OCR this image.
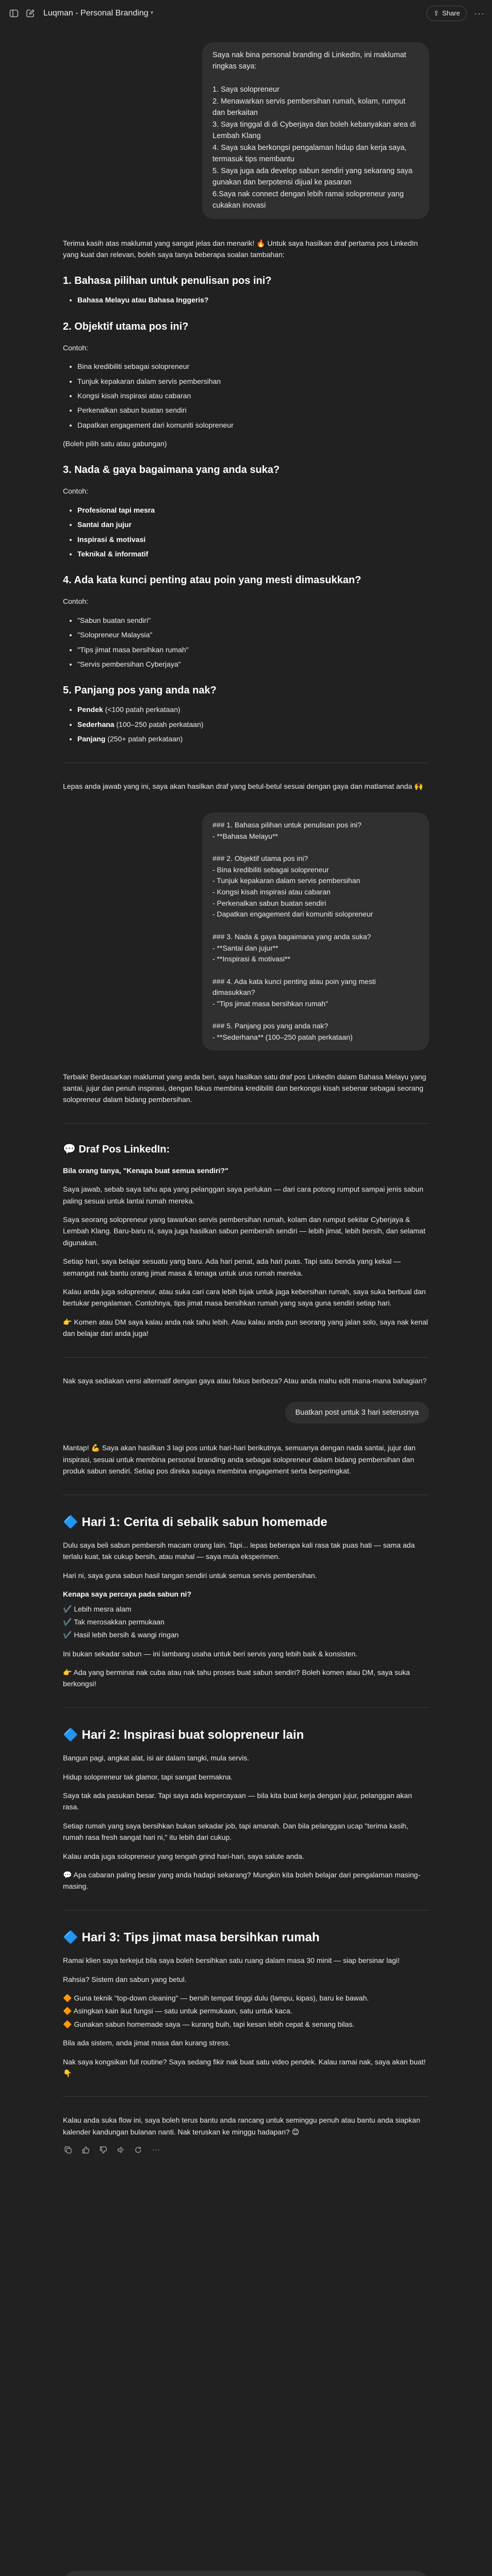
Luqman - Personal Branding ▾	⇪ Share ···
Saya nak bina personal branding di LinkedIn, ini maklumat ringkas saya:

1. Saya solopreneur
2. Menawarkan servis pembersihan rumah, kolam, rumput dan berkaitan
3. Saya tinggal di di Cyberjaya dan boleh kebanyakan area di Lembah Klang
4. Saya suka berkongsi pengalaman hidup dan kerja saya, termasuk tips membantu
5. Saya juga ada develop sabun sendiri yang sekarang saya gunakan dan berpotensi dijual ke pasaran
6.Saya nak connect dengan lebih ramai solopreneur yang cukakan inovasi

Terima kasih atas maklumat yang sangat jelas dan menarik! 🔥 Untuk saya hasilkan draf pertama pos LinkedIn yang kuat dan relevan, boleh saya tanya beberapa soalan tambahan:

1. Bahasa pilihan untuk penulisan pos ini?
• Bahasa Melayu atau Bahasa Inggeris?
2. Objektif utama pos ini?

Contoh:

• Bina kredibiliti sebagai solopreneur
• Tunjuk kepakaran dalam servis pembersihan
• Kongsi kisah inspirasi atau cabaran
• Perkenalkan sabun buatan sendiri
• Dapatkan engagement dari komuniti solopreneur

(Boleh pilih satu atau gabungan)

3. Nada & gaya bagaimana yang anda suka?

Contoh:

• Profesional tapi mesra
• Santai dan jujur
• Inspirasi & motivasi
• Teknikal & informatif
4. Ada kata kunci penting atau poin yang mesti dimasukkan?

Contoh:

• "Sabun buatan sendiri"
• "Solopreneur Malaysia"
• "Tips jimat masa bersihkan rumah"
• "Servis pembersihan Cyberjaya"
5. Panjang pos yang anda nak?
• Pendek (<100 patah perkataan)
• Sederhana (100–250 patah perkataan)
• Panjang (250+ patah perkataan)

Lepas anda jawab yang ini, saya akan hasilkan draf yang betul-betul sesuai dengan gaya dan matlamat anda 🙌

### 1. Bahasa pilihan untuk penulisan pos ini?
- **Bahasa Melayu**

### 2. Objektif utama pos ini?
- Bina kredibiliti sebagai solopreneur
- Tunjuk kepakaran dalam servis pembersihan
- Kongsi kisah inspirasi atau cabaran
- Perkenalkan sabun buatan sendiri
- Dapatkan engagement dari komuniti solopreneur

### 3. Nada & gaya bagaimana yang anda suka?
- **Santai dan jujur**
- **Inspirasi & motivasi**

### 4. Ada kata kunci penting atau poin yang mesti dimasukkan?
- "Tips jimat masa bersihkan rumah"

### 5. Panjang pos yang anda nak?
- **Sederhana** (100–250 patah perkataan)

Terbaik! Berdasarkan maklumat yang anda beri, saya hasilkan satu draf pos LinkedIn dalam Bahasa Melayu yang santai, jujur dan penuh inspirasi, dengan fokus membina kredibiliti dan berkongsi kisah sebenar sebagai seorang solopreneur dalam bidang pembersihan.

💬 Draf Pos LinkedIn:

Bila orang tanya, "Kenapa buat semua sendiri?"

Saya jawab, sebab saya tahu apa yang pelanggan saya perlukan — dari cara potong rumput sampai jenis sabun paling sesuai untuk lantai rumah mereka.

Saya seorang solopreneur yang tawarkan servis pembersihan rumah, kolam dan rumput sekitar Cyberjaya & Lembah Klang. Baru-baru ni, saya juga hasilkan sabun pembersih sendiri — lebih jimat, lebih bersih, dan selamat digunakan.

Setiap hari, saya belajar sesuatu yang baru. Ada hari penat, ada hari puas. Tapi satu benda yang kekal — semangat nak bantu orang jimat masa & tenaga untuk urus rumah mereka.

Kalau anda juga solopreneur, atau suka cari cara lebih bijak untuk jaga kebersihan rumah, saya suka berbual dan bertukar pengalaman. Contohnya, tips jimat masa bersihkan rumah yang saya guna sendiri setiap hari.

👉 Komen atau DM saya kalau anda nak tahu lebih. Atau kalau anda pun seorang yang jalan solo, saya nak kenal dan belajar dari anda juga!

Nak saya sediakan versi alternatif dengan gaya atau fokus berbeza? Atau anda mahu edit mana-mana bahagian?

Buatkan post untuk 3 hari seterusnya

Mantap! 💪 Saya akan hasilkan 3 lagi pos untuk hari-hari berikutnya, semuanya dengan nada santai, jujur dan inspirasi, sesuai untuk membina personal branding anda sebagai solopreneur dalam bidang pembersihan dan produk sabun sendiri. Setiap pos direka supaya membina engagement serta berperingkat.

🔷 Hari 1: Cerita di sebalik sabun homemade

Dulu saya beli sabun pembersih macam orang lain. Tapi... lepas beberapa kali rasa tak puas hati — sama ada terlalu kuat, tak cukup bersih, atau mahal — saya mula eksperimen.

Hari ni, saya guna sabun hasil tangan sendiri untuk semua servis pembersihan.

Kenapa saya percaya pada sabun ni?

✔️ Lebih mesra alam
✔️ Tak merosakkan permukaan
✔️ Hasil lebih bersih & wangi ringan

Ini bukan sekadar sabun — ini lambang usaha untuk beri servis yang lebih baik & konsisten.

👉 Ada yang berminat nak cuba atau nak tahu proses buat sabun sendiri? Boleh komen atau DM, saya suka berkongsi!

🔷 Hari 2: Inspirasi buat solopreneur lain

Bangun pagi, angkat alat, isi air dalam tangki, mula servis.

Hidup solopreneur tak glamor, tapi sangat bermakna.

Saya tak ada pasukan besar. Tapi saya ada kepercayaan — bila kita buat kerja dengan jujur, pelanggan akan rasa.

Setiap rumah yang saya bersihkan bukan sekadar job, tapi amanah. Dan bila pelanggan ucap "terima kasih, rumah rasa fresh sangat hari ni," itu lebih dari cukup.

Kalau anda juga solopreneur yang tengah grind hari-hari, saya salute anda.

💬 Apa cabaran paling besar yang anda hadapi sekarang? Mungkin kita boleh belajar dari pengalaman masing-masing.

🔷 Hari 3: Tips jimat masa bersihkan rumah

Ramai klien saya terkejut bila saya boleh bersihkan satu ruang dalam masa 30 minit — siap bersinar lagi!

Rahsia? Sistem dan sabun yang betul.

🔶 Guna teknik "top-down cleaning" — bersih tempat tinggi dulu (lampu, kipas), baru ke bawah.
🔶 Asingkan kain ikut fungsi — satu untuk permukaan, satu untuk kaca.
🔶 Gunakan sabun homemade saya — kurang buih, tapi kesan lebih cepat & senang bilas.

Bila ada sistem, anda jimat masa dan kurang stress.

Nak saya kongsikan full routine? Saya sedang fikir nak buat satu video pendek. Kalau ramai nak, saya akan buat! 👇

Kalau anda suka flow ini, saya boleh terus bantu anda rancang untuk seminggu penuh atau bantu anda siapkan kalender kandungan bulanan nanti. Nak teruskan ke minggu hadapan? 😊

···
